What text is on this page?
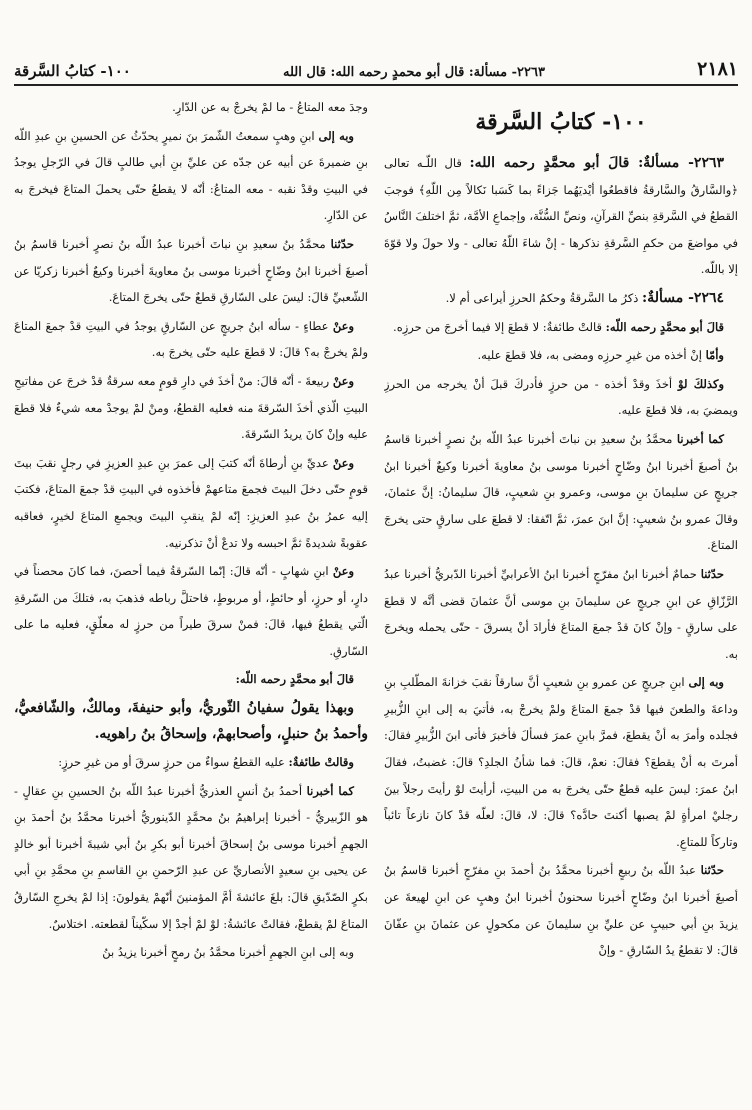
٢١٨١
٢٢٦٣- مسألة: قال أبو محمدٍ رحمه الله: قال الله
١٠٠- كتابُ السَّرقة
١٠٠- كتابُ السَّرقة

٢٢٦٣- مسألةٌ: قالَ أبو محمَّدٍ رحمه الله: قال اللّـه تعالى ﴿والسَّارقُ والسَّارقةُ فاقطعُوا أيْديَهُما جَزاءً بما كَسَبا نَكالاً مِن اللّهِ﴾ فوجبَ القطعُ في السَّرقةِ بنصِّ القرآنِ، ونصِّ السُّنَّة، وإجماعِ الأمَّة، ثمَّ اختلفَ النَّاسُ في مواضعَ من حكمِ السَّرقةِ نذكرها - إنْ شاءَ اللّهُ تعالى - ولا حولَ ولا قوّةَ إلا باللّه.

٢٢٦٤- مسألةٌ: ذكرُ ما السَّرقةُ وحكمُ الحرزِ أيراعى أم لا.

قالَ أبو محمَّدٍ رحمه اللّه: قالتْ طائفةٌ: لا قطعَ إلا فيما أخرجَ من حرزِه.

وأمّا إنْ أخذه من غيرِ حرزِه ومضى به، فلا قطعَ عليه.

وكذلكَ لوْ أخذَ وقدْ أخذه - من حرزٍ فأدركَ قبلَ أنْ يخرجه من الحرزِ ويمضيَ به، فلا قطعَ عليه.

كما أخبرنا محمَّدُ بنُ سعيدِ بن نباتَ أخبرنا عبدُ اللّه بنُ نصرٍ أخبرنا قاسمُ بنُ أصبغَ أخبرنا ابنُ وضّاحٍ أخبرنا موسى بنُ معاويةَ أخبرنا وكيعٌ أخبرنا ابنُ جريجٍ عن سليمانَ بنِ موسى، وعمرو بنِ شعيبٍ، قالَ سليمانُ: إنَّ عثمانَ، وقالَ عمرو بنُ شعيبٍ: إنَّ ابنَ عمرَ، ثمَّ اتّفقا: لا قطعَ على سارقٍ حتى يخرجَ المتاعَ.

حدّثنا حمامٌ أخبرنا ابنُ مفرّجٍ أخبرنا ابنُ الأعرابيِّ أخبرنا الدّبريُّ أخبرنا عبدُ الرَّزّاقِ عن ابنِ جريجٍ عن سليمانَ بنِ موسى أنَّ عثمانَ قضى أنَّه لا قطعَ على سارقٍ - وإنْ كانَ قدْ جمعَ المتاعَ فأرادَ أنْ يسرقَ - حتّى يحمله ويخرجَ به.

وبه إلى ابنِ جريجٍ عن عمرو بنِ شعيبٍ أنَّ سارقاً نقبَ خزانةَ المطّلبِ بنِ وداعةَ والطعنَ فيها قدْ جمعَ المتاعَ ولمْ يخرجْ به، فأتيَ به إلى ابنِ الزُّبيرِ فجلده وأمرَ به أنْ يقطعَ، فمرَّ بابنِ عمرَ فسألَ فأخبرَ فأتى ابنَ الزُّبيرِ فقالَ: أمرتَ به أنْ يقطعَ؟ فقالَ: نعمْ، قالَ: فما شأنُ الجلدِ؟ قالَ: غضبتُ، فقالَ ابنُ عمرَ: ليسَ عليه قطعٌ حتّى يخرجَ به من البيتِ، أرأيتَ لوْ رأيتَ رجلاً بينَ رجليْ امرأةٍ لمْ يصبها أكنتَ حادَّه؟ قالَ: لا، قالَ: لعلّه قدْ كانَ نازعاً تائباً وتاركاً للمتاعِ.

حدّثنا عبدُ اللّه بنُ ربيعٍ أخبرنا محمَّدُ بنُ أحمدَ بنِ مفرّجٍ أخبرنا قاسمُ بنُ أصبغَ أخبرنا ابنُ وضّاحٍ أخبرنا سحنونُ أخبرنا ابنُ وهبٍ عن ابنِ لهيعةَ عن يزيدَ بنِ أبي حبيبٍ عن عليِّ بنِ سليمانَ عن مكحولٍ عن عثمانَ بنِ عفّانَ قالَ: لا تقطعُ يدُ السّارقِ - وإنْ

وجدَ معه المتاعُ - ما لمْ يخرجْ به عن الدّارِ.

وبه إلى ابنِ وهبٍ سمعتُ الشّمرَ بنَ نميرٍ يحدّثُ عن الحسينِ بنِ عبدِ اللّه بنِ ضميرةَ عن أبيه عن جدّه عن عليِّ بنِ أبي طالبٍ قالَ في الرّجلِ يوجدُ في البيتِ وقدْ نقبه - معه المتاعُ: أنّه لا يقطعُ حتّى يحملَ المتاعَ فيخرجَ به عن الدّارِ.

حدّثنا محمَّدُ بنُ سعيدِ بنِ نباتَ أخبرنا عبدُ اللّه بنُ نصرٍ أخبرنا قاسمُ بنُ أصبغَ أخبرنا ابنُ وضّاحٍ أخبرنا موسى بنُ معاويةَ أخبرنا وكيعٌ أخبرنا زكريّا عن الشّعبيِّ قالَ: ليسَ على السّارقِ قطعٌ حتّى يخرجَ المتاعَ.

وعنْ عطاءٍ - سأله ابنُ جريجٍ عن السّارقِ يوجدُ في البيتِ قدْ جمعَ المتاعَ ولمْ يخرجْ به؟ قالَ: لا قطعَ عليه حتّى يخرجَ به.

وعنْ ربيعةَ - أنّه قالَ: منْ أخذَ في دارِ قومٍ معه سرقةٌ قدْ خرجَ عن مفاتيحِ البيتِ الّذي أخذَ السّرقةَ منه فعليه القطعُ، ومنْ لمْ يوجدْ معه شيءٌ فلا قطعَ عليه وإنْ كانَ يريدُ السّرقةَ.

وعنْ عديِّ بنِ أرطاةَ أنّه كتبَ إلى عمرَ بنِ عبدِ العزيزِ في رجلٍ نقبَ بيتَ قومٍ حتّى دخلَ البيتَ فجمعَ متاعهمْ فأخذوه في البيتِ قدْ جمعَ المتاعَ، فكتبَ إليه عمرُ بنُ عبدِ العزيزِ: إنّه لمْ ينقبِ البيتَ ويجمعِ المتاعَ لخيرٍ، فعاقبه عقوبةً شديدةً ثمَّ احبسه ولا تدعْ أنْ تذكرنيه.

وعنْ ابنِ شهابٍ - أنّه قالَ: إنّما السّرقةُ فيما أحصنَ، فما كانَ محصناً في دارٍ، أو حرزٍ، أو حائطٍ، أو مربوطٍ، فاحتلَّ رباطه فذهبَ به، فتلكَ من السّرقةِ الّتي يقطعُ فيها، قالَ: فمنْ سرقَ طيراً من حرزٍ له معلّقٍ، فعليه ما على السّارقِ.

قالَ أبو محمَّدٍ رحمه اللّه:

وبهذا يقولُ سفيانُ الثّوريُّ، وأبو حنيفةَ، ومالكٌ، والشّافعيُّ، وأحمدُ بنُ حنبلٍ، وأصحابهمْ، وإسحاقُ بنُ راهويه.

وقالتْ طائفةٌ: عليه القطعُ سواءٌ من حرزٍ سرقَ أو من غيرِ حرزٍ:

كما أخبرنا أحمدُ بنُ أنسٍ العذريُّ أخبرنا عبدُ اللّه بنُ الحسينِ بنِ عقالٍ - هو الزّبيريُّ - أخبرنا إبراهيمُ بنُ محمَّدٍ الدّينوريُّ أخبرنا محمَّدُ بنُ أحمدَ بنِ الجهمِ أخبرنا موسى بنُ إسحاقَ أخبرنا أبو بكرِ بنُ أبي شيبةَ أخبرنا أبو خالدٍ عن يحيى بنِ سعيدٍ الأنصاريِّ عن عبدِ الرّحمنِ بنِ القاسمِ بنِ محمَّدِ بنِ أبي بكرٍ الصّدّيقِ قالَ: بلغَ عائشةَ أمَّ المؤمنينَ أنّهمْ يقولونَ: إذا لمْ يخرجِ السّارقُ المتاعَ لمْ يقطعْ، فقالتْ عائشةُ: لوْ لمْ أجدْ إلا سكّيناً لقطعته. اختلاسٌ.

وبه إلى ابنِ الجهمِ أخبرنا محمَّدُ بنُ رمحٍ أخبرنا يزيدُ بنُ
